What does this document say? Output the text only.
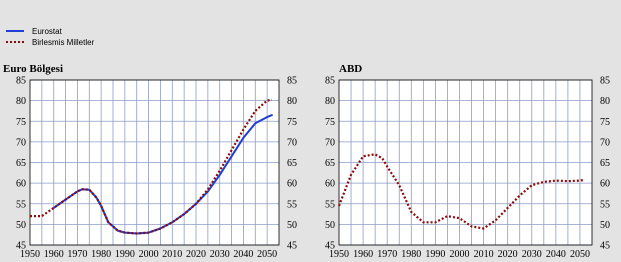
Eurostat
Birlesmis Milletler
Euro Bölgesi
45	45
50	50
55	55
60	60
65	65
70	70
75	75
80	80
85	85
1950 1960 1970 1980 1990 2000 2010 2020 2030 2040 2050
ABD
45	45
50	50
55	55
60	60
65	65
70	70
75	75
80	80
85	85
1950 1960 1970 1980 1990 2000 2010 2020 2030 2040 2050
